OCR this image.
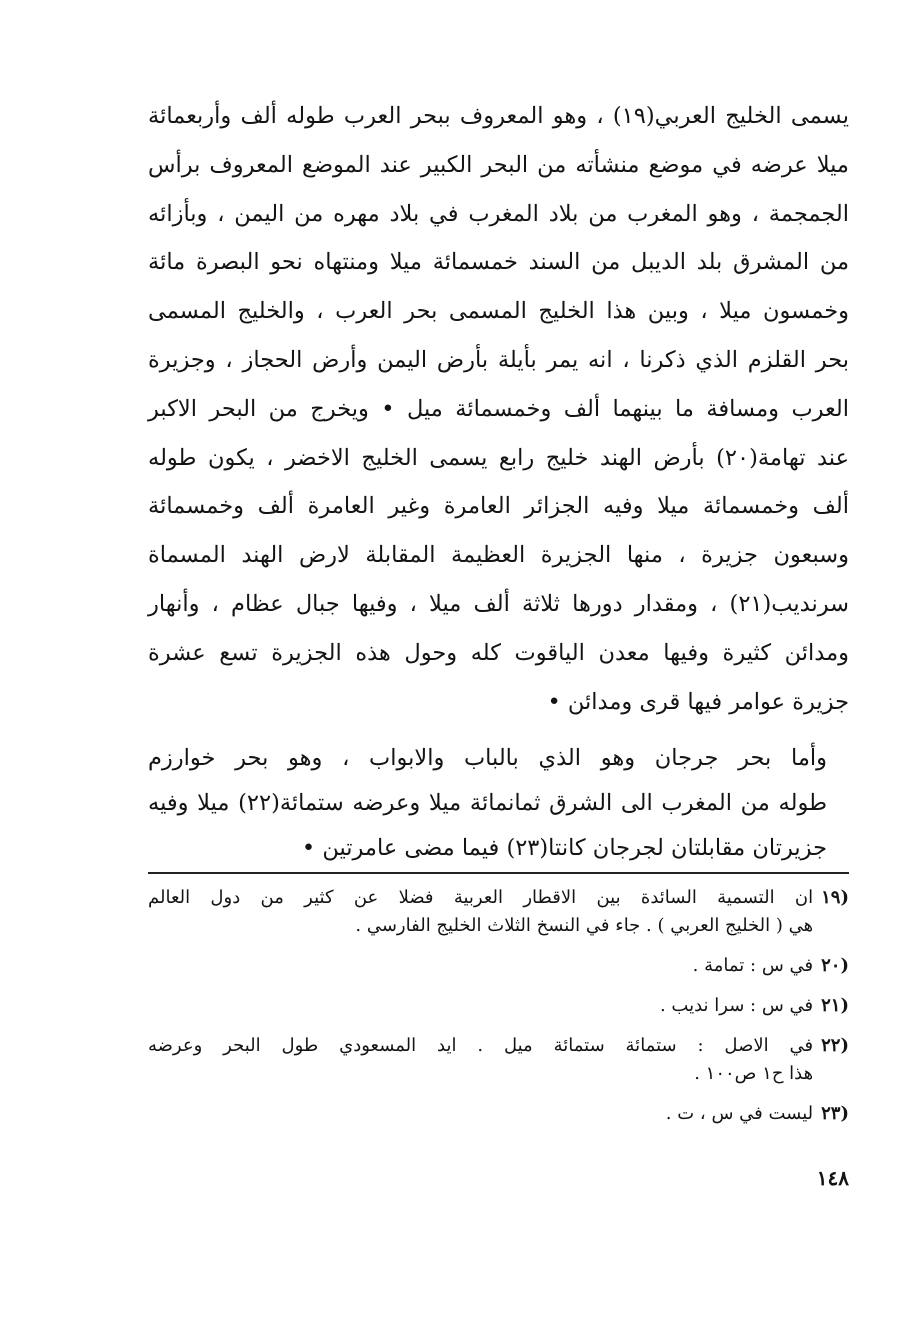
يسمى الخليج العربي(١٩) ، وهو المعروف ببحر العرب طوله ألف وأربعمائة
ميلا عرضه في موضع منشأته من البحر الكبير عند الموضع المعروف برأس
الجمجمة ، وهو المغرب من بلاد المغرب في بلاد مهره من اليمن ، وبأزائه
من المشرق بلد الديبل من السند خمسمائة ميلا ومنتهاه نحو البصرة مائة
وخمسون ميلا ، وبين هذا الخليج المسمى بحر العرب ، والخليج المسمى
بحر القلزم الذي ذكرنا ، انه يمر بأيلة بأرض اليمن وأرض الحجاز ، وجزيرة
العرب ومسافة ما بينهما ألف وخمسمائة ميل • ويخرج من البحر الاكبر
عند تهامة(٢٠) بأرض الهند خليج رابع يسمى الخليج الاخضر ، يكون طوله
ألف وخمسمائة ميلا وفيه الجزائر العامرة وغير العامرة ألف وخمسمائة
وسبعون جزيرة ، منها الجزيرة العظيمة المقابلة لارض الهند المسماة
سرنديب(٢١) ، ومقدار دورها ثلاثة ألف ميلا ، وفيها جبال عظام ، وأنهار
ومدائن كثيرة وفيها معدن الياقوت كله وحول هذه الجزيرة تسع عشرة
جزيرة عوامر فيها قرى ومدائن •

وأما بحر جرجان وهو الذي بالباب والابواب ، وهو بحر خوارزم
طوله من المغرب الى الشرق ثمانمائة ميلا وعرضه ستمائة(٢٢) ميلا وفيه
جزيرتان مقابلتان لجرجان كانتا(٢٣) فيما مضى عامرتين •

(١٩
ان التسمية السائدة بين الاقطار العربية فضلا عن كثير من دول العالم
هي ( الخليج العربي ) . جاء في النسخ الثلاث الخليج الفارسي .
(٢٠
في س : تمامة .
(٢١
في س : سرا نديب .
(٢٢
في الاصل : ستمائة ستمائة ميل . ايد المسعودي طول البحر وعرضه
هذا ح١ ص١٠٠ .
(٢٣
ليست في س ، ت .
١٤٨
